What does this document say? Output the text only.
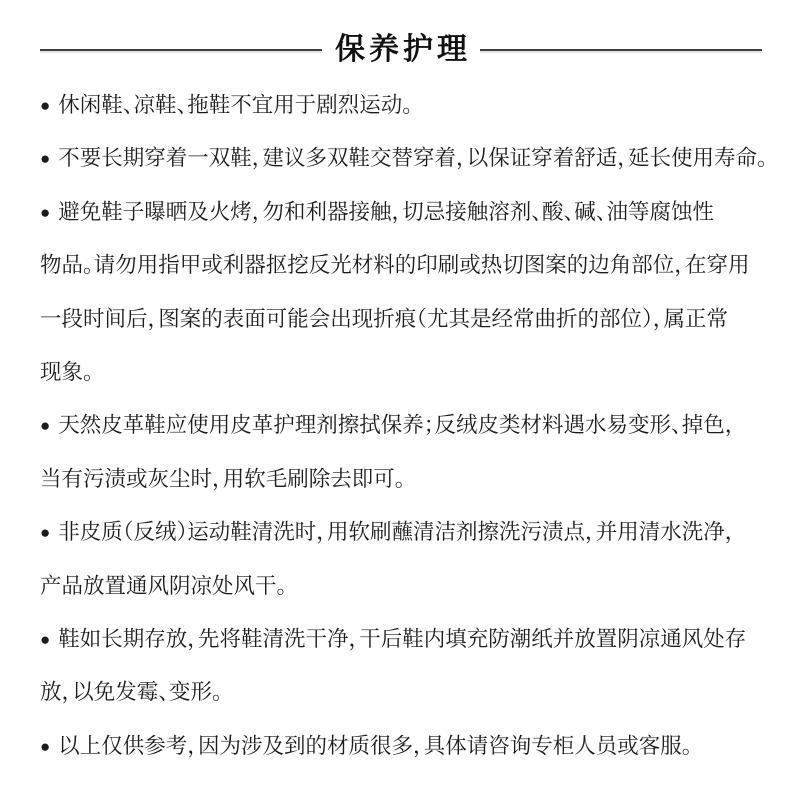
保养护理
● 休闲鞋、凉鞋、拖鞋不宜用于剧烈运动。
● 不要长期穿着一双鞋，建议多双鞋交替穿着，以保证穿着舒适，延长使用寿命。
● 避免鞋子曝晒及火烤，勿和利器接触，切忌接触溶剂、酸、碱、油等腐蚀性
物品。请勿用指甲或利器抠挖反光材料的印刷或热切图案的边角部位，在穿用
一段时间后，图案的表面可能会出现折痕（尤其是经常曲折的部位），属正常
现象。
● 天然皮革鞋应使用皮革护理剂擦拭保养；反绒皮类材料遇水易变形、掉色，
当有污渍或灰尘时，用软毛刷除去即可。
● 非皮质（反绒）运动鞋清洗时，用软刷蘸清洁剂擦洗污渍点，并用清水洗净，
产品放置通风阴凉处风干。
● 鞋如长期存放，先将鞋清洗干净，干后鞋内填充防潮纸并放置阴凉通风处存
放，以免发霉、变形。
● 以上仅供参考，因为涉及到的材质很多，具体请咨询专柜人员或客服。
